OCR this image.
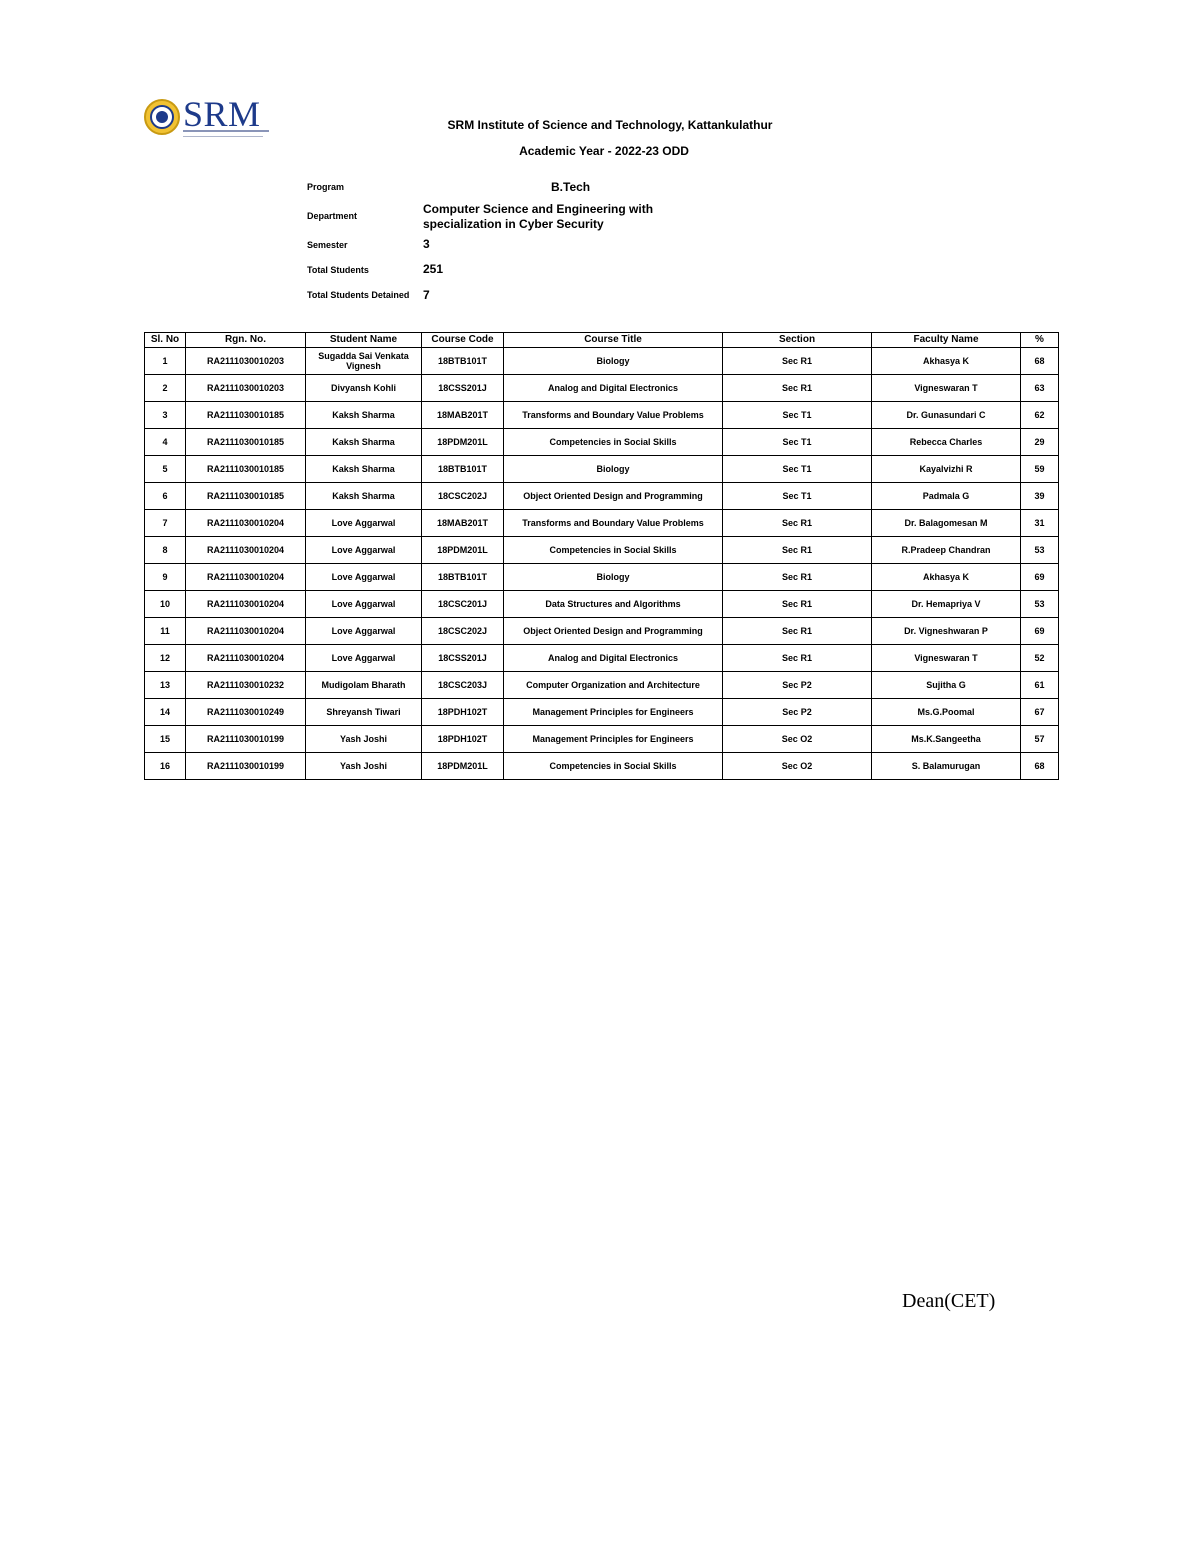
SRM	SRM Institute of Science and Technology, Kattankulathur
Academic Year - 2022-23 ODD
Program	B.Tech
Department	Computer Science and Engineering with
specialization in Cyber Security
Semester	3
Total Students	251
Total Students Detained 7
Sl. No	Rgn. No.	Student Name	Course Code	Course Title	Section	Faculty Name	%
1	RA2111030010203	Sugadda Sai Venkata Vignesh	18BTB101T	Biology	Sec R1	Akhasya K	68
2	RA2111030010203	Divyansh Kohli	18CSS201J	Analog and Digital Electronics	Sec R1	Vigneswaran T	63
3	RA2111030010185	Kaksh Sharma	18MAB201T	Transforms and Boundary Value Problems	Sec T1	Dr. Gunasundari C	62
4	RA2111030010185	Kaksh Sharma	18PDM201L	Competencies in Social Skills	Sec T1	Rebecca Charles	29
5	RA2111030010185	Kaksh Sharma	18BTB101T	Biology	Sec T1	Kayalvizhi R	59
6	RA2111030010185	Kaksh Sharma	18CSC202J	Object Oriented Design and Programming	Sec T1	Padmala G	39
7	RA2111030010204	Love Aggarwal	18MAB201T	Transforms and Boundary Value Problems	Sec R1	Dr. Balagomesan M	31
8	RA2111030010204	Love Aggarwal	18PDM201L	Competencies in Social Skills	Sec R1	R.Pradeep Chandran	53
9	RA2111030010204	Love Aggarwal	18BTB101T	Biology	Sec R1	Akhasya K	69
10	RA2111030010204	Love Aggarwal	18CSC201J	Data Structures and Algorithms	Sec R1	Dr. Hemapriya V	53
11	RA2111030010204	Love Aggarwal	18CSC202J	Object Oriented Design and Programming	Sec R1	Dr. Vigneshwaran P	69
12	RA2111030010204	Love Aggarwal	18CSS201J	Analog and Digital Electronics	Sec R1	Vigneswaran T	52
13	RA2111030010232	Mudigolam Bharath	18CSC203J	Computer Organization and Architecture	Sec P2	Sujitha G	61
14	RA2111030010249	Shreyansh Tiwari	18PDH102T	Management Principles for Engineers	Sec P2	Ms.G.Poomal	67
15	RA2111030010199	Yash Joshi	18PDH102T	Management Principles for Engineers	Sec O2	Ms.K.Sangeetha	57
16	RA2111030010199	Yash Joshi	18PDM201L	Competencies in Social Skills	Sec O2	S. Balamurugan	68
Dean(CET)
